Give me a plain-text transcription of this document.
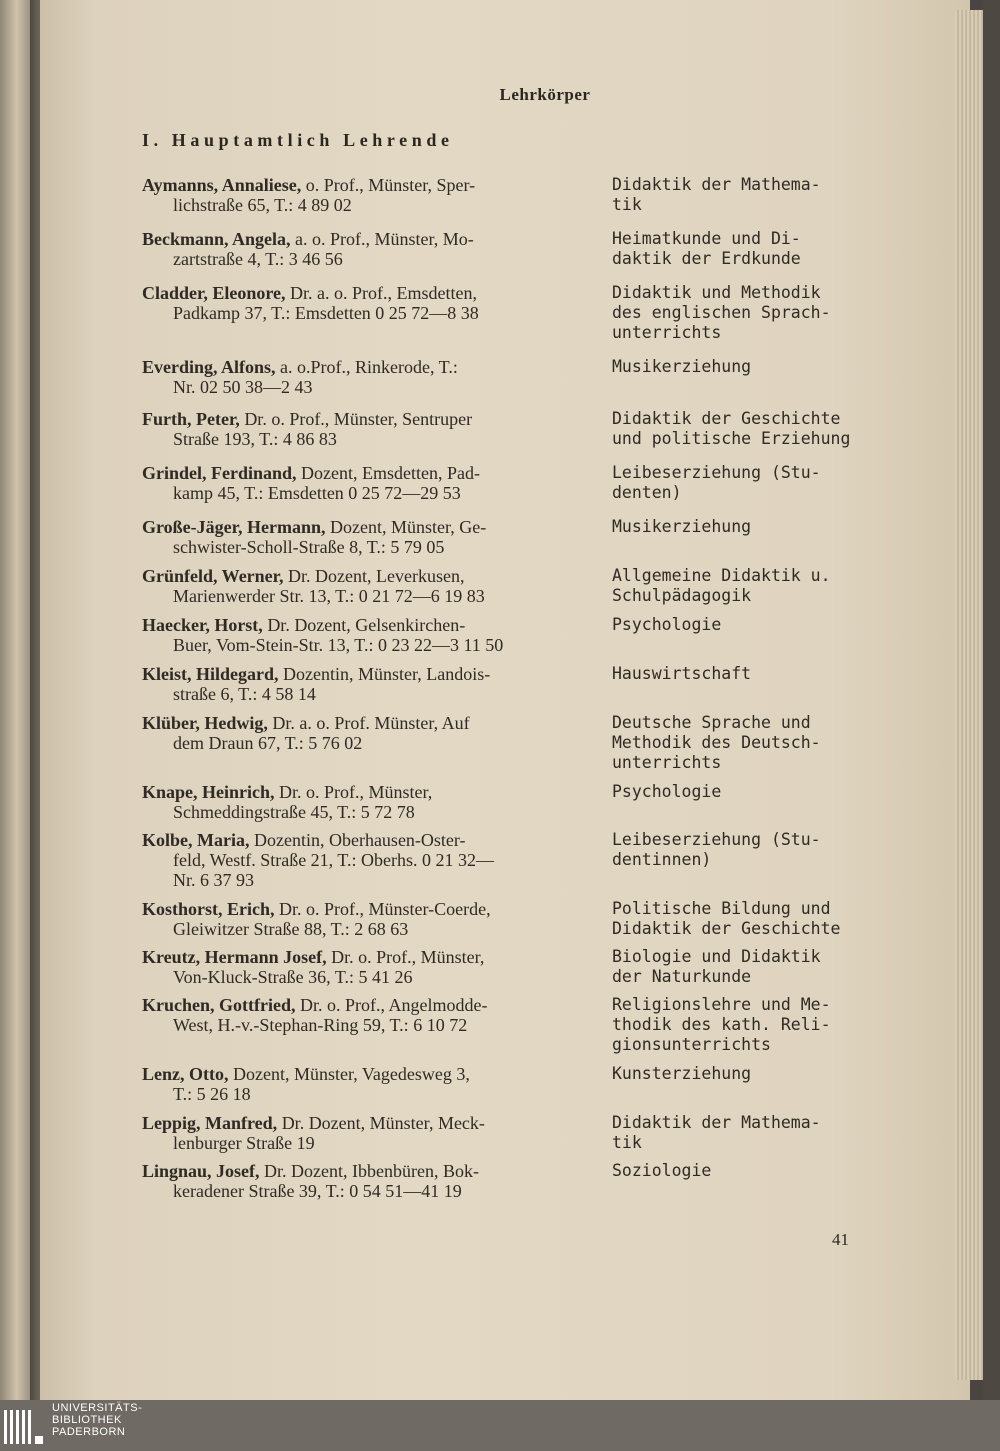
Lehrkörper
I. Hauptamtlich Lehrende
Aymanns, Annaliese, o. Prof., Münster, Sper-
lichstraße 65, T.: 4 89 02
Didaktik der Mathema-
tik
Beckmann, Angela, a. o. Prof., Münster, Mo-
zartstraße 4, T.: 3 46 56
Heimatkunde und Di-
daktik der Erdkunde
Cladder, Eleonore, Dr. a. o. Prof., Emsdetten,
Padkamp 37, T.: Emsdetten 0 25 72—8 38
Didaktik und Methodik
des englischen Sprach-
unterrichts
Everding, Alfons, a. o.Prof., Rinkerode, T.:
Nr. 02 50 38—2 43
Musikerziehung
Furth, Peter, Dr. o. Prof., Münster, Sentruper
Straße 193, T.: 4 86 83
Didaktik der Geschichte
und politische Erziehung
Grindel, Ferdinand, Dozent, Emsdetten, Pad-
kamp 45, T.: Emsdetten 0 25 72—29 53
Leibeserziehung (Stu-
denten)
Große-Jäger, Hermann, Dozent, Münster, Ge-
schwister-Scholl-Straße 8, T.: 5 79 05
Musikerziehung
Grünfeld, Werner, Dr. Dozent, Leverkusen,
Marienwerder Str. 13, T.: 0 21 72—6 19 83
Allgemeine Didaktik u.
Schulpädagogik
Haecker, Horst, Dr. Dozent, Gelsenkirchen-
Buer, Vom-Stein-Str. 13, T.: 0 23 22—3 11 50
Psychologie
Kleist, Hildegard, Dozentin, Münster, Landois-
straße 6, T.: 4 58 14
Hauswirtschaft
Klüber, Hedwig, Dr. a. o. Prof. Münster, Auf
dem Draun 67, T.: 5 76 02
Deutsche Sprache und
Methodik des Deutsch-
unterrichts
Knape, Heinrich, Dr. o. Prof., Münster,
Schmeddingstraße 45, T.: 5 72 78
Psychologie
Kolbe, Maria, Dozentin, Oberhausen-Oster-
feld, Westf. Straße 21, T.: Oberhs. 0 21 32—
Nr. 6 37 93
Leibeserziehung (Stu-
dentinnen)
Kosthorst, Erich, Dr. o. Prof., Münster-Coerde,
Gleiwitzer Straße 88, T.: 2 68 63
Politische Bildung und
Didaktik der Geschichte
Kreutz, Hermann Josef, Dr. o. Prof., Münster,
Von-Kluck-Straße 36, T.: 5 41 26
Biologie und Didaktik
der Naturkunde
Kruchen, Gottfried, Dr. o. Prof., Angelmodde-
West, H.-v.-Stephan-Ring 59, T.: 6 10 72
Religionslehre und Me-
thodik des kath. Reli-
gionsunterrichts
Lenz, Otto, Dozent, Münster, Vagedesweg 3,
T.: 5 26 18
Kunsterziehung
Leppig, Manfred, Dr. Dozent, Münster, Meck-
lenburger Straße 19
Didaktik der Mathema-
tik
Lingnau, Josef, Dr. Dozent, Ibbenbüren, Bok-
keradener Straße 39, T.: 0 54 51—41 19
Soziologie
41
UNIVERSITÄTS-
BIBLIOTHEK
PADERBORN
